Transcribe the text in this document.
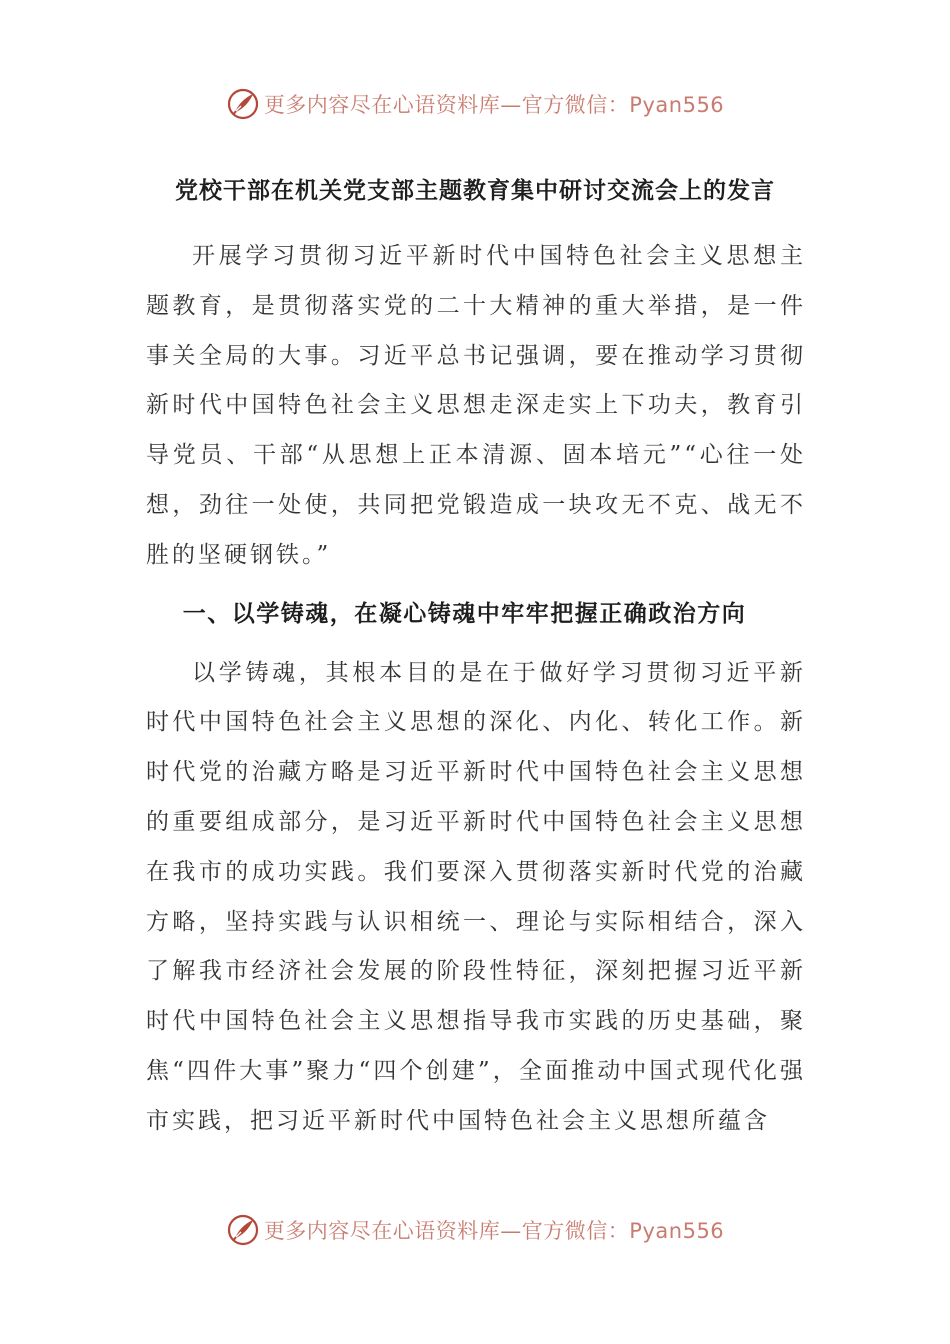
更多内容尽在心语资料库—官方微信：Pyan556
党校干部在机关党支部主题教育集中研讨交流会上的发言

开展学习贯彻习近平新时代中国特色社会主义思想主题教育，是贯彻落实党的二十大精神的重大举措，是一件事关全局的大事。习近平总书记强调，要在推动学习贯彻新时代中国特色社会主义思想走深走实上下功夫，教育引导党员、干部“从思想上正本清源、固本培元”“心往一处想，劲往一处使，共同把党锻造成一块攻无不克、战无不胜的坚硬钢铁。”

一、以学铸魂，在凝心铸魂中牢牢把握正确政治方向

以学铸魂，其根本目的是在于做好学习贯彻习近平新时代中国特色社会主义思想的深化、内化、转化工作。新时代党的治藏方略是习近平新时代中国特色社会主义思想的重要组成部分，是习近平新时代中国特色社会主义思想在我市的成功实践。我们要深入贯彻落实新时代党的治藏方略，坚持实践与认识相统一、理论与实际相结合，深入了解我市经济社会发展的阶段性特征，深刻把握习近平新时代中国特色社会主义思想指导我市实践的历史基础，聚焦“四件大事”聚力“四个创建”，全面推动中国式现代化强市实践，把习近平新时代中国特色社会主义思想所蕴含

更多内容尽在心语资料库—官方微信：Pyan556
